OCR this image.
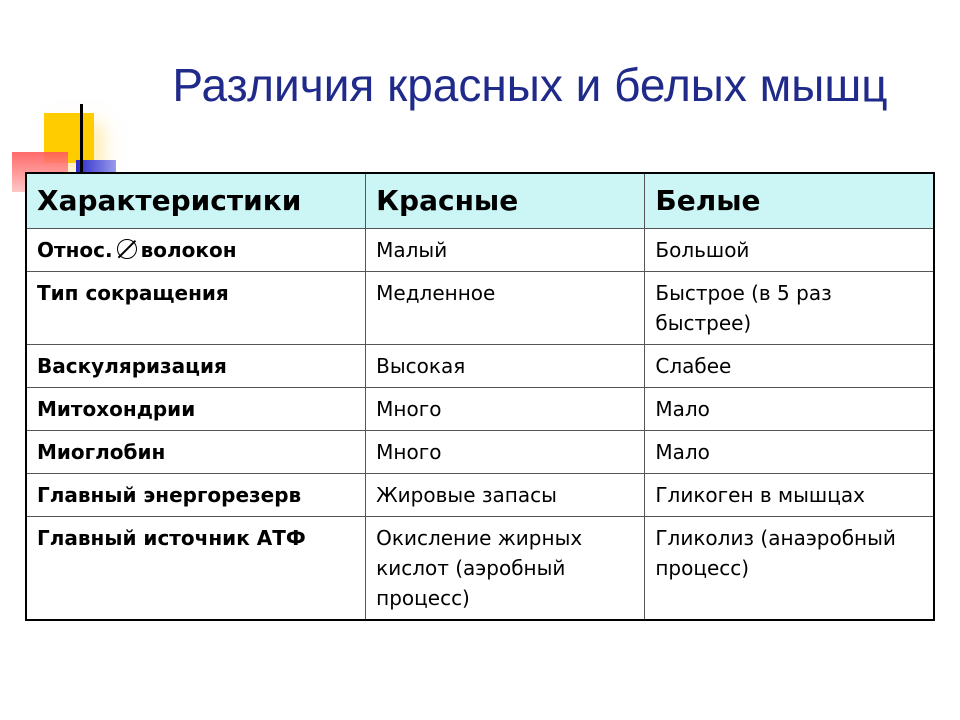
Различия красных и белых мышц
Характеристики	Красные	Белые
Относ. волокон	Малый	Большой
Тип сокращения	Медленное	Быстрое (в 5 раз быстрее)
Васкуляризация	Высокая	Слабее
Митохондрии	Много	Мало
Миоглобин	Много	Мало
Главный энергорезерв	Жировые запасы	Гликоген в мышцах
Главный источник АТФ	Окисление жирных кислот (аэробный процесс)	Гликолиз (анаэробный процесс)
